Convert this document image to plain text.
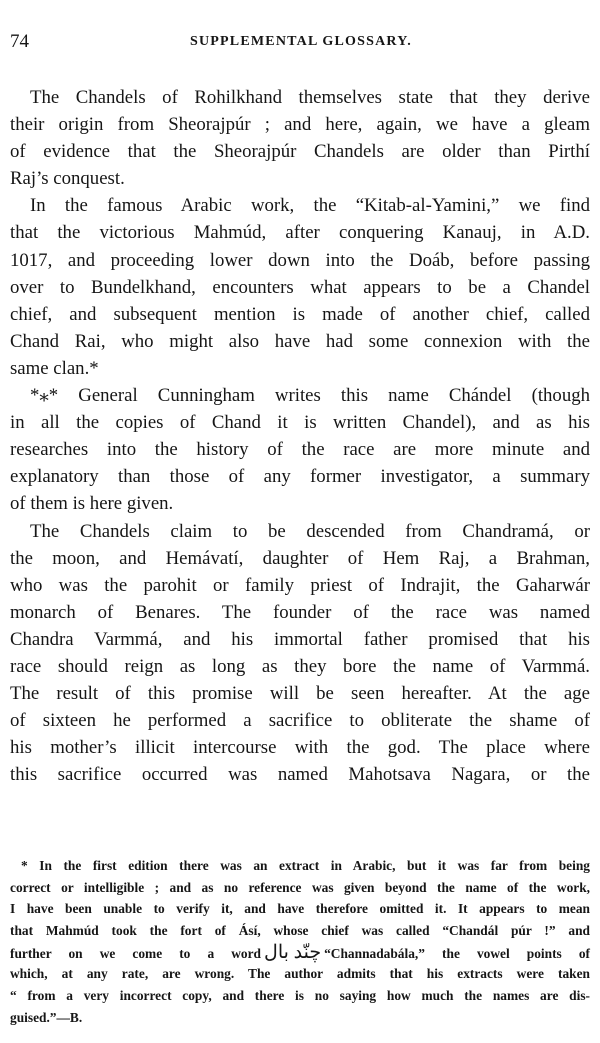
74	SUPPLEMENTAL GLOSSARY.
The Chandels of Rohilkhand themselves state that they derive
their origin from Sheorajpúr ; and here, again, we have a gleam
of evidence that the Sheorajpúr Chandels are older than Pirthí
Raj’s conquest.
In the famous Arabic work, the “Kitab-al-Yamini,” we find
that the victorious Mahmúd, after conquering Kanauj, in A.D.
1017, and proceeding lower down into the Doáb, before passing
over to Bundelkhand, encounters what appears to be a Chandel
chief, and subsequent mention is made of another chief, called
Chand Rai, who might also have had some connexion with the
same clan.*
*⁎* General Cunningham writes this name Chándel (though
in all the copies of Chand it is written Chandel), and as his
researches into the history of the race are more minute and
explanatory than those of any former investigator, a summary
of them is here given.
The Chandels claim to be descended from Chandramá, or
the moon, and Hemávatí, daughter of Hem Raj, a Brahman,
who was the parohit or family priest of Indrajit, the Gaharwár
monarch of Benares. The founder of the race was named
Chandra Varmmá, and his immortal father promised that his
race should reign as long as they bore the name of Varmmá.
The result of this promise will be seen hereafter. At the age
of sixteen he performed a sacrifice to obliterate the shame of
his mother’s illicit intercourse with the god. The place where
this sacrifice occurred was named Mahotsava Nagara, or the
* In the first edition there was an extract in Arabic, but it was far from being
correct or intelligible ; and as no reference was given beyond the name of the work,
I have been unable to verify it, and have therefore omitted it. It appears to mean
that Mahmúd took the fort of Ásí, whose chief was called “Chandál púr !” and
further on we come to a word چنّد بال “Channadabála,” the vowel points of
which, at any rate, are wrong. The author admits that his extracts were taken
“ from a very incorrect copy, and there is no saying how much the names are dis-
guised.”—B.
